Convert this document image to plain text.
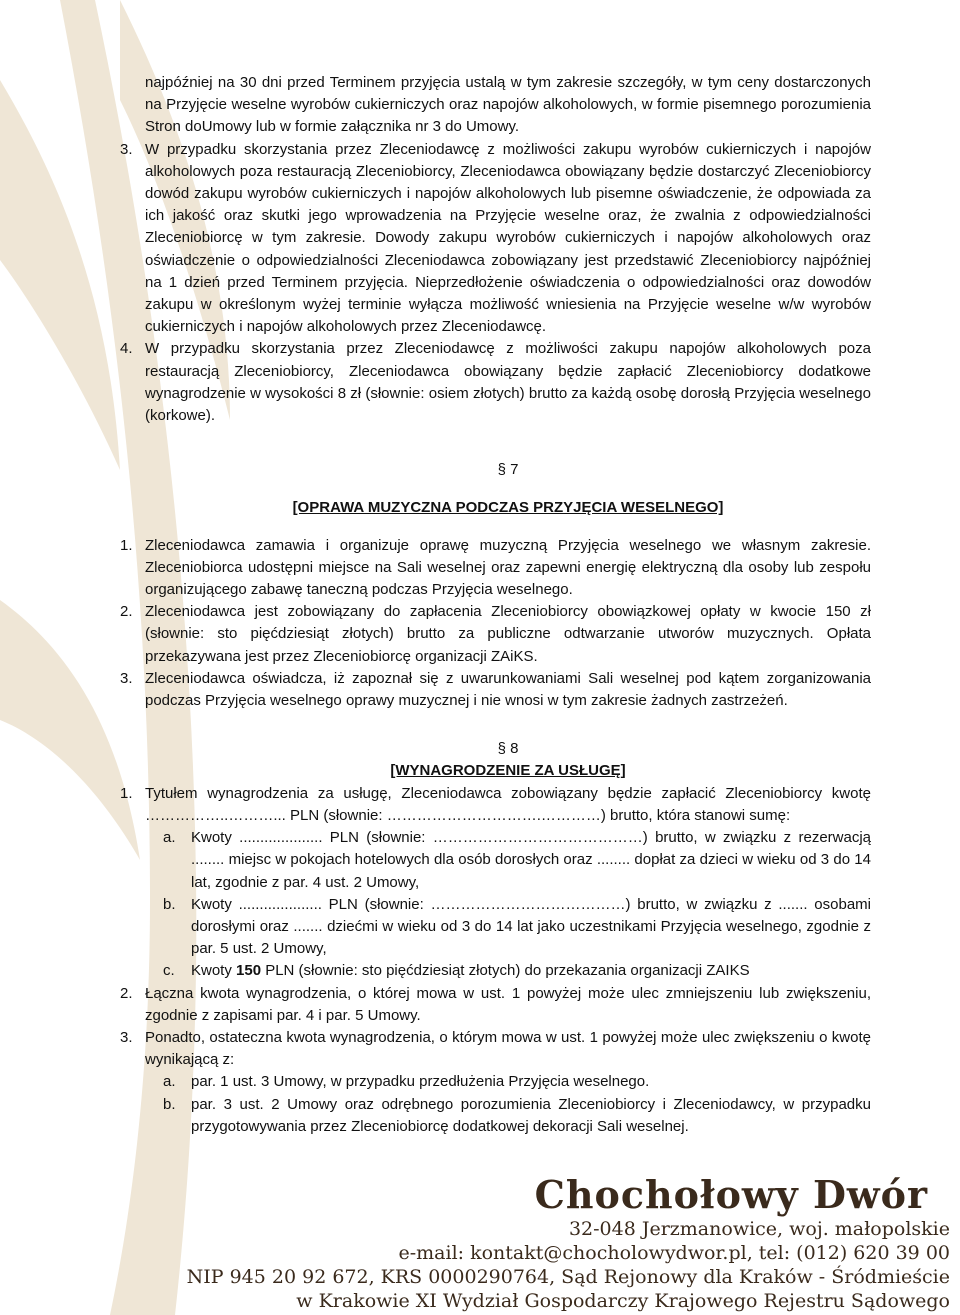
najpóźniej na 30 dni przed Terminem przyjęcia ustalą w tym zakresie szczegóły, w tym ceny dostarczonych na Przyjęcie weselne wyrobów cukierniczych oraz napojów alkoholowych, w formie pisemnego porozumienia Stron doUmowy lub w formie załącznika nr 3 do Umowy.

3. W przypadku skorzystania przez Zleceniodawcę z możliwości zakupu wyrobów cukierniczych i napojów alkoholowych poza restauracją Zleceniobiorcy, Zleceniodawca obowiązany będzie dostarczyć Zleceniobiorcy dowód zakupu wyrobów cukierniczych i napojów alkoholowych lub pisemne oświadczenie, że odpowiada za ich jakość oraz skutki jego wprowadzenia na Przyjęcie weselne oraz, że zwalnia z odpowiedzialności Zleceniobiorcę w tym zakresie. Dowody zakupu wyrobów cukierniczych i napojów alkoholowych oraz oświadczenie o odpowiedzialności Zleceniodawca zobowiązany jest przedstawić Zleceniobiorcy najpóźniej na 1 dzień przed Terminem przyjęcia. Nieprzedłożenie oświadczenia o odpowiedzialności oraz dowodów zakupu w określonym wyżej terminie wyłącza możliwość wniesienia na Przyjęcie weselne w/w wyrobów cukierniczych i napojów alkoholowych przez Zleceniodawcę.

4. W przypadku skorzystania przez Zleceniodawcę z możliwości zakupu napojów alkoholowych poza restauracją Zleceniobiorcy, Zleceniodawca obowiązany będzie zapłacić Zleceniobiorcy dodatkowe wynagrodzenie w wysokości 8 zł (słownie: osiem złotych) brutto za każdą osobę dorosłą Przyjęcia weselnego (korkowe).

§ 7

[OPRAWA MUZYCZNA PODCZAS PRZYJĘCIA WESELNEGO]

1. Zleceniodawca zamawia i organizuje oprawę muzyczną Przyjęcia weselnego we własnym zakresie. Zleceniobiorca udostępni miejsce na Sali weselnej oraz zapewni energię elektryczną dla osoby lub zespołu organizującego zabawę taneczną podczas Przyjęcia weselnego.

2. Zleceniodawca jest zobowiązany do zapłacenia Zleceniobiorcy obowiązkowej opłaty w kwocie 150 zł (słownie: sto pięćdziesiąt złotych) brutto za publiczne odtwarzanie utworów muzycznych. Opłata przekazywana jest przez Zleceniobiorcę organizacji ZAiKS.

3. Zleceniodawca oświadcza, iż zapoznał się z uwarunkowaniami Sali weselnej pod kątem zorganizowania podczas Przyjęcia weselnego oprawy muzycznej i nie wnosi w tym zakresie żadnych zastrzeżeń.

§ 8

[WYNAGRODZENIE ZA USŁUGĘ]

1. Tytułem wynagrodzenia za usługę, Zleceniodawca zobowiązany będzie zapłacić Zleceniobiorcy kwotę ……………..………... PLN (słownie: ………………………….…………) brutto, która stanowi sumę:

a. Kwoty .................... PLN (słownie: ……………………………………) brutto, w związku z rezerwacją ........ miejsc w pokojach hotelowych dla osób dorosłych oraz ........ dopłat za dzieci w wieku od 3 do 14 lat, zgodnie z par. 4 ust. 2 Umowy,

b. Kwoty .................... PLN (słownie: …………………………………) brutto, w związku z ....... osobami dorosłymi oraz ....... dziećmi w wieku od 3 do 14 lat jako uczestnikami Przyjęcia weselnego, zgodnie z par. 5 ust. 2 Umowy,

c. Kwoty 150 PLN (słownie: sto pięćdziesiąt złotych) do przekazania organizacji ZAIKS

2. Łączna kwota wynagrodzenia, o której mowa w ust. 1 powyżej może ulec zmniejszeniu lub zwiększeniu, zgodnie z zapisami par. 4 i par. 5 Umowy.

3. Ponadto, ostateczna kwota wynagrodzenia, o którym mowa w ust. 1 powyżej może ulec zwiększeniu o kwotę wynikającą z:

a. par. 1 ust. 3 Umowy, w przypadku przedłużenia Przyjęcia weselnego.

b. par. 3 ust. 2 Umowy oraz odrębnego porozumienia Zleceniobiorcy i Zleceniodawcy, w przypadku przygotowywania przez Zleceniobiorcę dodatkowej dekoracji Sali weselnej.

Chochołowy Dwór
32-048 Jerzmanowice, woj. małopolskie
e-mail: kontakt@chocholowydwor.pl, tel: (012) 620 39 00
NIP 945 20 92 672, KRS 0000290764, Sąd Rejonowy dla Kraków - Śródmieście
w Krakowie XI Wydział Gospodarczy Krajowego Rejestru Sądowego
